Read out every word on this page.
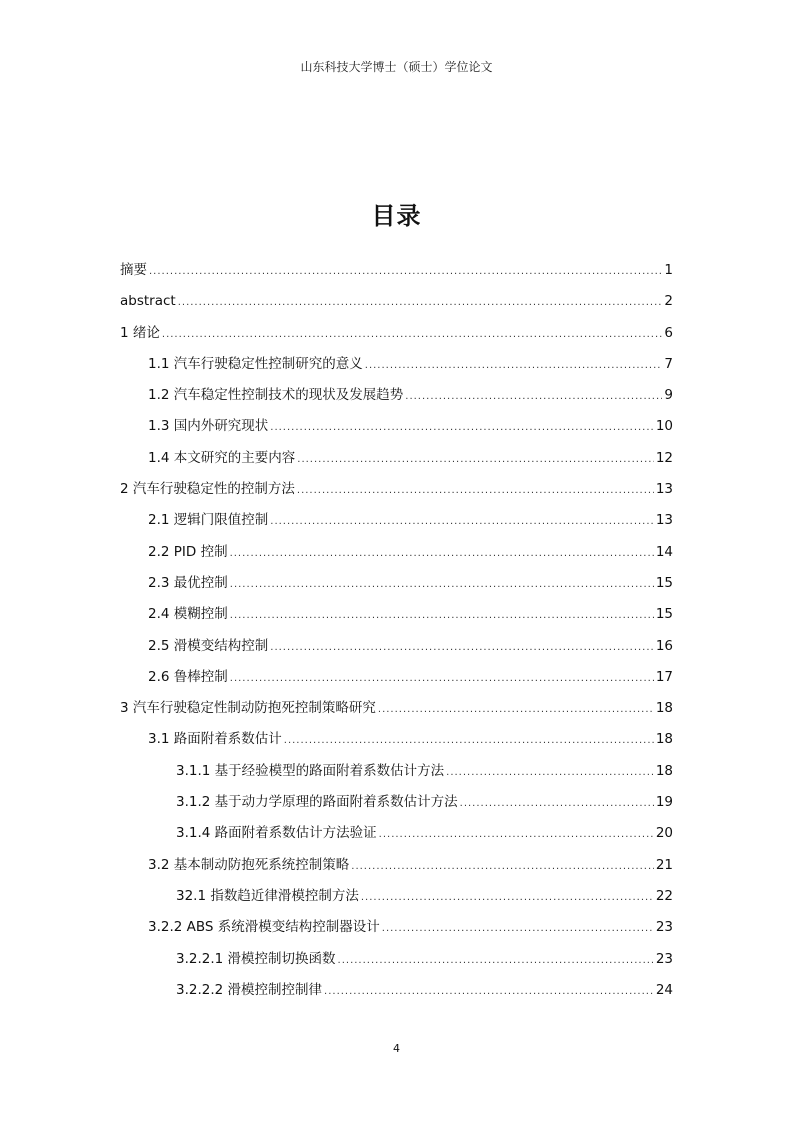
山东科技大学博士（硕士）学位论文
目录
摘要 .....	1
abstract .....	2
1 绪论 .....	6
1.1 汽车行驶稳定性控制研究的意义 .....	7
1.2 汽车稳定性控制技术的现状及发展趋势 .....	9
1.3 国内外研究现状 .....	10
1.4 本文研究的主要内容 .....	12
2 汽车行驶稳定性的控制方法 .....	13
2.1 逻辑门限值控制 .....	13
2.2 PID 控制 .....	14
2.3 最优控制 .....	15
2.4 模糊控制 .....	15
2.5 滑模变结构控制 .....	16
2.6 鲁棒控制 .....	17
3 汽车行驶稳定性制动防抱死控制策略研究 .....	18
3.1 路面附着系数估计 .....	18
3.1.1 基于经验模型的路面附着系数估计方法 .....	18
3.1.2 基于动力学原理的路面附着系数估计方法 .....	19
3.1.4 路面附着系数估计方法验证 .....	20
3.2 基本制动防抱死系统控制策略 .....	21
32.1 指数趋近律滑模控制方法 .....	22
3.2.2 ABS 系统滑模变结构控制器设计 .....	23
3.2.2.1 滑模控制切换函数 .....	23
3.2.2.2 滑模控制控制律 .....	24
4
